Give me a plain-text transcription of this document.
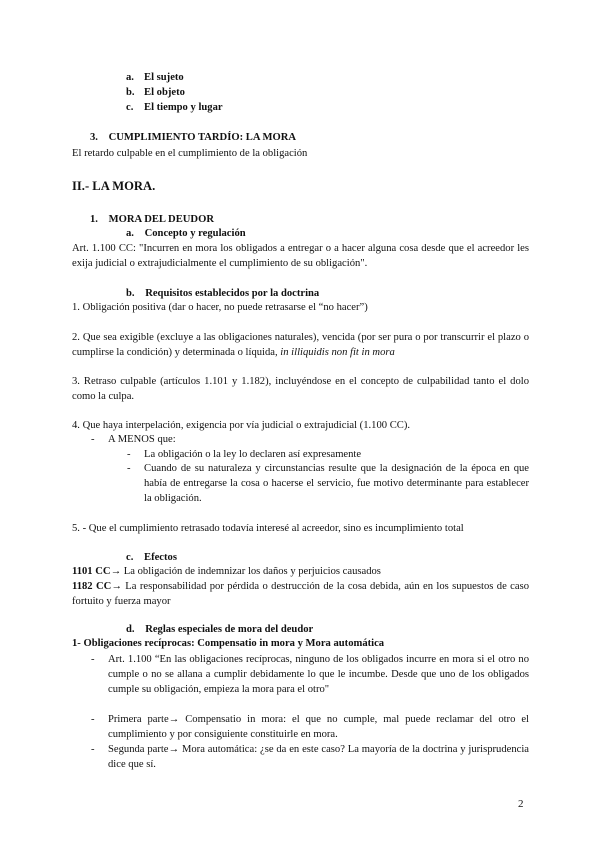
a. El sujeto
b. El objeto
c. El tiempo y lugar
3. CUMPLIMIENTO TARDÍO: LA MORA
El retardo culpable en el cumplimiento de la obligación
II.- LA MORA.
1. MORA DEL DEUDOR
a. Concepto y regulación
Art. 1.100 CC: "Incurren en mora los obligados a entregar o a hacer alguna cosa desde que el acreedor les exija judicial o extrajudicialmente el cumplimiento de su obligación".
b. Requisitos establecidos por la doctrina
1. Obligación positiva (dar o hacer, no puede retrasarse el “no hacer”)
2. Que sea exigible (excluye a las obligaciones naturales), vencida (por ser pura o por transcurrir el plazo o cumplirse la condición) y determinada o líquida, in illiquidis non fit in mora
3. Retraso culpable (artículos 1.101 y 1.182), incluyéndose en el concepto de culpabilidad tanto el dolo como la culpa.
4. Que haya interpelación, exigencia por vía judicial o extrajudicial (1.100 CC).
- A MENOS que:
- La obligación o la ley lo declaren así expresamente
- Cuando de su naturaleza y circunstancias resulte que la designación de la época en que había de entregarse la cosa o hacerse el servicio, fue motivo determinante para establecer la obligación.
5. - Que el cumplimiento retrasado todavía interesé al acreedor, sino es incumplimiento total
c. Efectos
1101 CC→ La obligación de indemnizar los daños y perjuicios causados
1182 CC→ La responsabilidad por pérdida o destrucción de la cosa debida, aún en los supuestos de caso fortuito y fuerza mayor
d. Reglas especiales de mora del deudor
1- Obligaciones recíprocas: Compensatio in mora y Mora automática
- Art. 1.100 “En las obligaciones recíprocas, ninguno de los obligados incurre en mora si el otro no cumple o no se allana a cumplir debidamente lo que le incumbe. Desde que uno de los obligados cumple su obligación, empieza la mora para el otro"
- Primera parte→ Compensatio in mora: el que no cumple, mal puede reclamar del otro el cumplimiento y por consiguiente constituirle en mora.
- Segunda parte→ Mora automática: ¿se da en este caso? La mayoría de la doctrina y jurisprudencia dice que sí.
2
